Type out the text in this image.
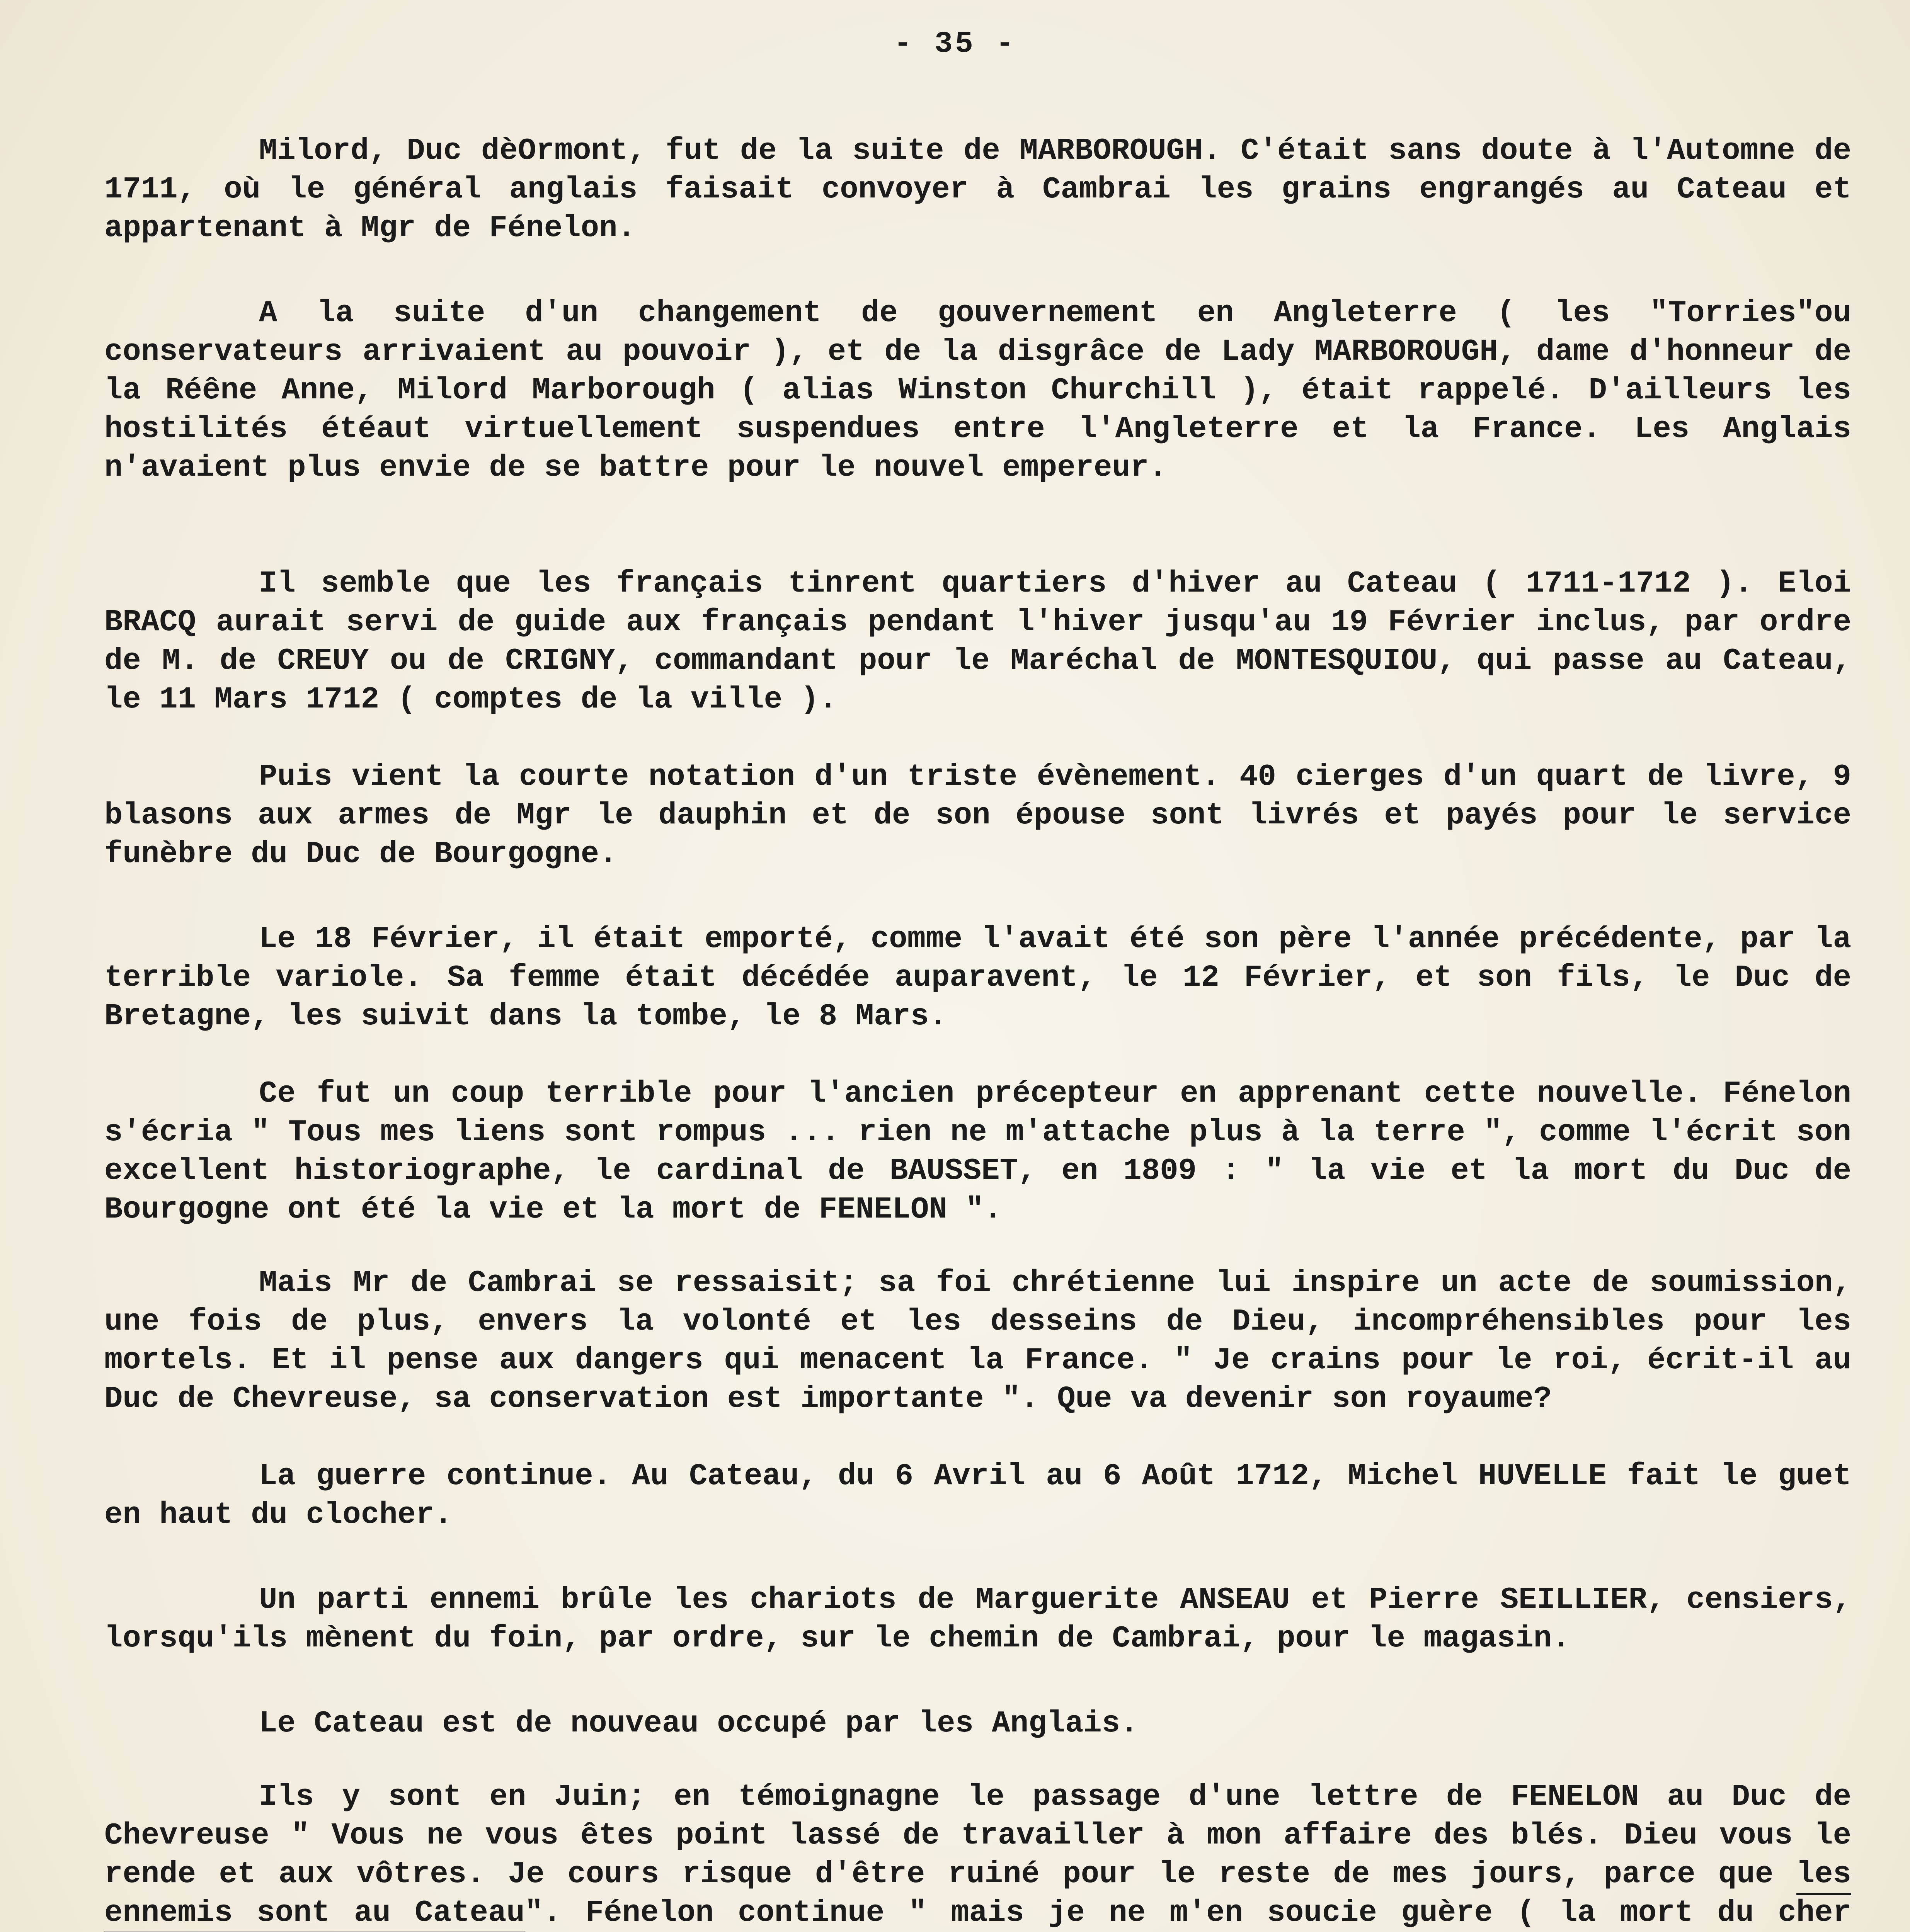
- 35 -

Milord, Duc dèOrmont, fut de la suite de MARBOROUGH. C'était sans doute à l'Automne de 1711, où le général anglais faisait convoyer à Cambrai les grains engrangés au Cateau et appartenant à Mgr de Fénelon.

A la suite d'un changement de gouvernement en Angleterre ( les "Torries"ou conservateurs arrivaient au pouvoir ), et de la disgrâce de Lady MARBOROUGH, dame d'honneur de la Réêne Anne, Milord Marborough ( alias Winston Churchill ), était rappelé. D'ailleurs les hostilités étéaut virtuellement suspendues entre l'Angleterre et la France. Les Anglais n'avaient plus envie de se battre pour le nouvel empereur.

Il semble que les français tinrent quartiers d'hiver au Cateau ( 1711-1712 ). Eloi BRACQ aurait servi de guide aux français pendant l'hiver jusqu'au 19 Février inclus, par ordre de M. de CREUY ou de CRIGNY, commandant pour le Maréchal de MONTESQUIOU, qui passe au Cateau, le 11 Mars 1712 ( comptes de la ville ).

Puis vient la courte notation d'un triste évènement. 40 cierges d'un quart de livre, 9 blasons aux armes de Mgr le dauphin et de son épouse sont livrés et payés pour le service funèbre du Duc de Bourgogne.

Le 18 Février, il était emporté, comme l'avait été son père l'année précédente, par la terrible variole. Sa femme était décédée auparavent, le 12 Février, et son fils, le Duc de Bretagne, les suivit dans la tombe, le 8 Mars.

Ce fut un coup terrible pour l'ancien précepteur en apprenant cette nouvelle. Fénelon s'écria " Tous mes liens sont rompus ... rien ne m'attache plus à la terre ", comme l'écrit son excellent historiographe, le cardinal de BAUSSET, en 1809 : " la vie et la mort du Duc de Bourgogne ont été la vie et la mort de FENELON ".

Mais Mr de Cambrai se ressaisit; sa foi chrétienne lui inspire un acte de soumission, une fois de plus, envers la volonté et les desseins de Dieu, incompréhensibles pour les mortels. Et il pense aux dangers qui menacent la France. " Je crains pour le roi, écrit-il au Duc de Chevreuse, sa conservation est importante ". Que va devenir son royaume?

La guerre continue. Au Cateau, du 6 Avril au 6 Août 1712, Michel HUVELLE fait le guet en haut du clocher.

Un parti ennemi brûle les chariots de Marguerite ANSEAU et Pierre SEILLIER, censiers, lorsqu'ils mènent du foin, par ordre, sur le chemin de Cambrai, pour le magasin.

Le Cateau est de nouveau occupé par les Anglais.

Ils y sont en Juin; en témoignagne le passage d'une lettre de FENELON au Duc de Chevreuse " Vous ne vous êtes point lassé de travailler à mon affaire des blés. Dieu vous le rende et aux vôtres. Je cours risque d'être ruiné pour le reste de mes jours, parce que les ennemis sont au Cateau". Fénelon continue " mais je ne m'en soucie guère ( la mort du cher
